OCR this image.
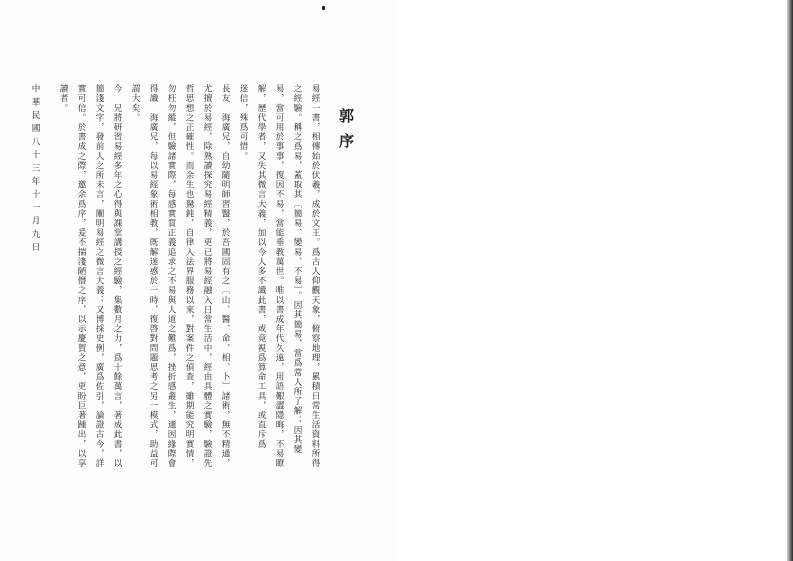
郭序
易經一書，相傳始於伏羲，成於文王。爲古人仰觀天象，俯察地理，累積日常生活資料所得
之經驗。稱之爲易，蓋取其〔簡易、變易、不易〕。因其簡易，當爲常人所了解；因其變
易，當可用於事事，復因不易，當能垂教萬世。唯以書成年代久遠，用語艱澀隱晦，不易瞭
解，歷代學者，又失其微言大義，加以今人多不識此書，或竟視爲算命工具，或直斥爲
迷信，殊爲可惜。
長友　海廣兄，自幼隨明師習醫，於吾國固有之〔山、醫、命、相、卜〕諸術，無不精通，
尤擅於易經，除熟讀探究易經精義，更已將易經融入日常生活中，經由具體之實驗，驗證先
哲思想之正確性。而余生也駑鈍，自律入法界服務以來，對案件之偵查，雖期能究明實情，
勿枉勿縱，但驗諸實際，每感實質正義追求之不易與人道之難爲，挫折感叢生，適因緣際會
得識　海廣兄，每以易經象術相教，既解迷惑於一時，復啓對問題思考之另一模式，助益可
謂大矣。
今　兄將研習易經多年之心得與課堂講授之經驗，集數月之力，爲十餘萬言，著成此書，以
簡淺文字，發前人之所未言，闡明易經之微言大義；又博採史例，廣爲佐引，論證古今，詳
實可信。於書成之際，邀余爲序，爰不揣淺陋僭之序，以示慶賀之意，更盼巨著踵出，以享
讀者。
中華民國八十三年十一月九日
